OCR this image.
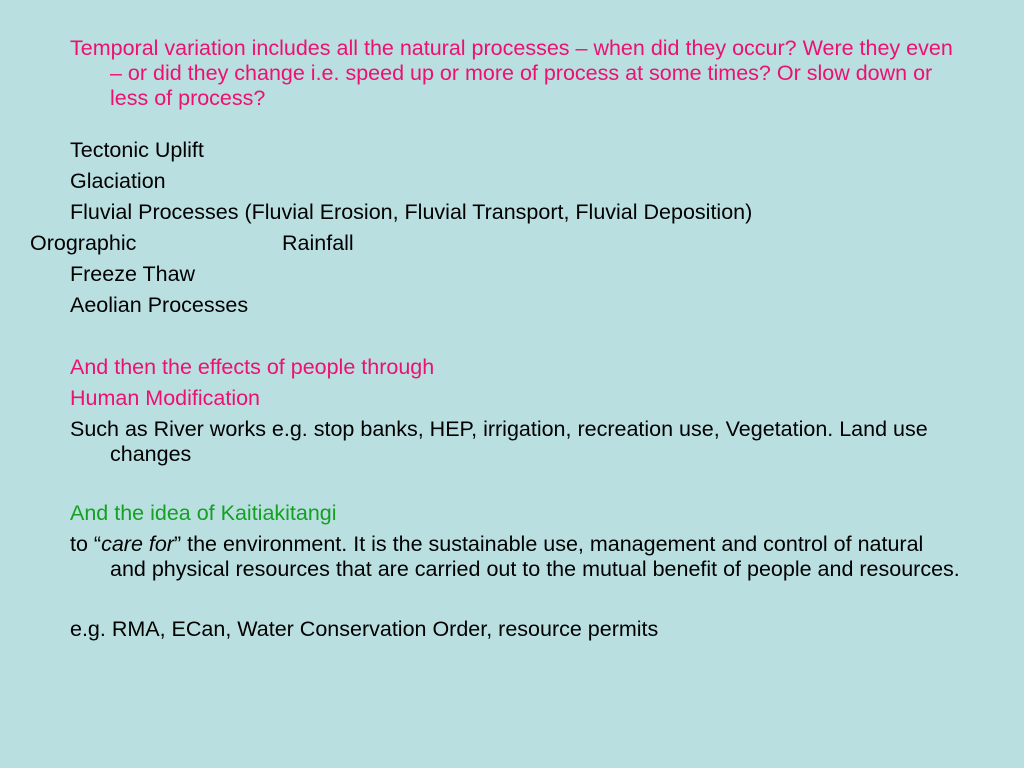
Temporal variation includes all the natural processes – when did they occur? Were they even – or did they change i.e. speed up or more of process at some times? Or slow down or less of process?

Tectonic Uplift

Glaciation

Fluvial Processes (Fluvial Erosion, Fluvial Transport, Fluvial Deposition)

Orographic	Rainfall

Freeze Thaw

Aeolian Processes

And then the effects of people through

Human Modification

Such as River works e.g. stop banks, HEP, irrigation, recreation use, Vegetation. Land use changes

And the idea of Kaitiakitangi

to “care for” the environment. It is the sustainable use, management and control of natural and physical resources that are carried out to the mutual benefit of people and resources.

e.g. RMA, ECan, Water Conservation Order, resource permits
